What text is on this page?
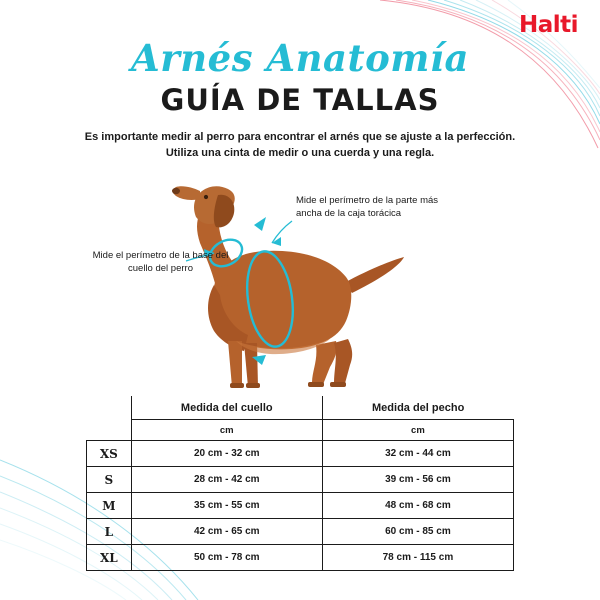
Halti
Arnés Anatomía
GUÍA DE TALLAS
Es importante medir al perro para encontrar el arnés que se ajuste a la perfección.
Utiliza una cinta de medir o una cuerda y una regla.
Mide el perímetro de la parte más ancha de la caja torácica
Mide el perímetro de la base del cuello del perro
	Medida del cuello	Medida del pecho
	cm	cm
XS	20 cm - 32 cm	32 cm - 44 cm
S	28 cm - 42 cm	39 cm - 56 cm
M	35 cm - 55 cm	48 cm - 68 cm
L	42 cm - 65 cm	60 cm - 85 cm
XL	50 cm - 78 cm	78 cm - 115 cm
